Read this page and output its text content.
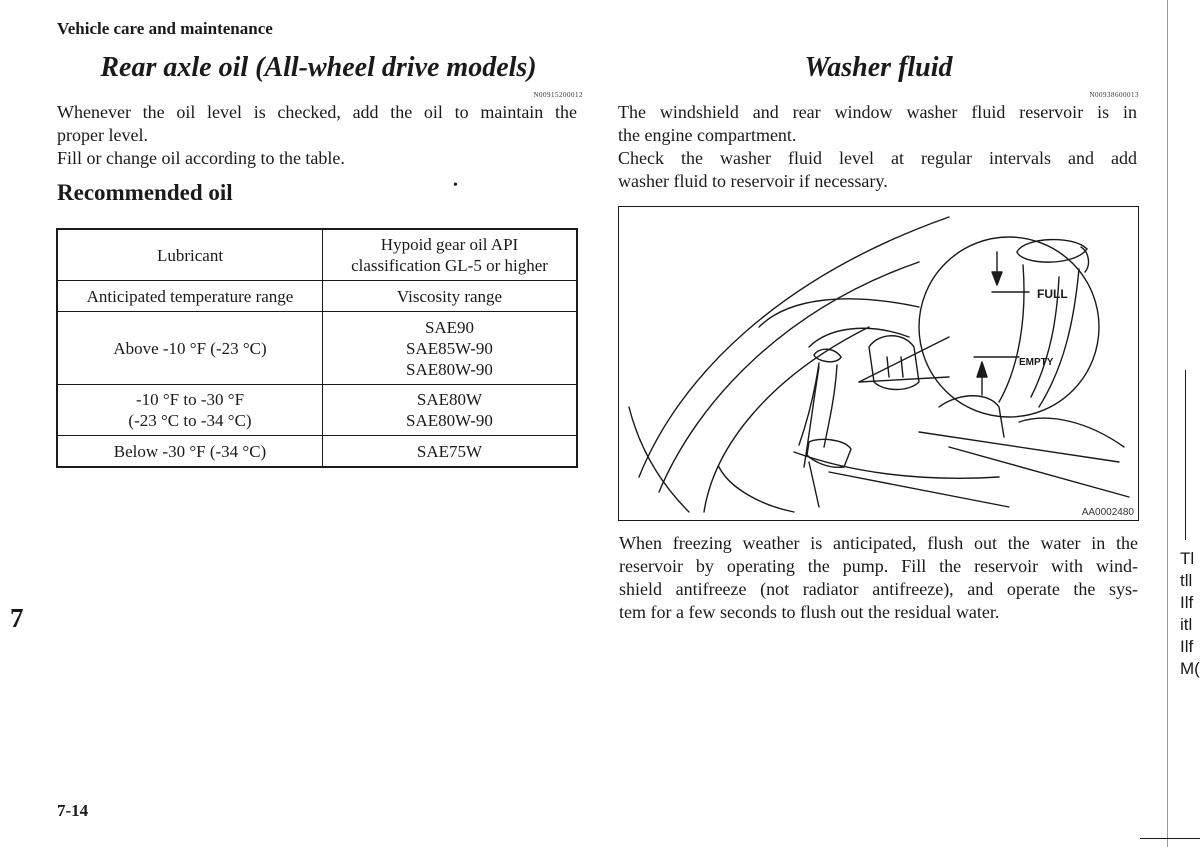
Vehicle care and maintenance
Rear axle oil (All-wheel drive models)
N00915200012

Whenever the oil level is checked, add the oil to maintain the
proper level.
Fill or change oil according to the table.

Recommended oil	•
Lubricant	Hypoid gear oil API
classification GL-5 or higher

Anticipated temperature range	Viscosity range

Above -10 °F (-23 °C)	SAE90
SAE85W-90
SAE80W-90

-10 °F to -30 °F
(-23 °C to -34 °C)	SAE80W
SAE80W-90

Below -30 °F (-34 °C)	SAE75W
Washer fluid
N00938600013

The windshield and rear window washer fluid reservoir is in
the engine compartment.
Check the washer fluid level at regular intervals and add
washer fluid to reservoir if necessary.

FULL
EMPTY
AA0002480

When freezing weather is anticipated, flush out the water in the
reservoir by operating the pump. Fill the reservoir with wind-
shield antifreeze (not radiator antifreeze), and operate the sys-
tem for a few seconds to flush out the residual water.

7
7-14
Tl
tll
Ilf
itl
Ilf
M(
